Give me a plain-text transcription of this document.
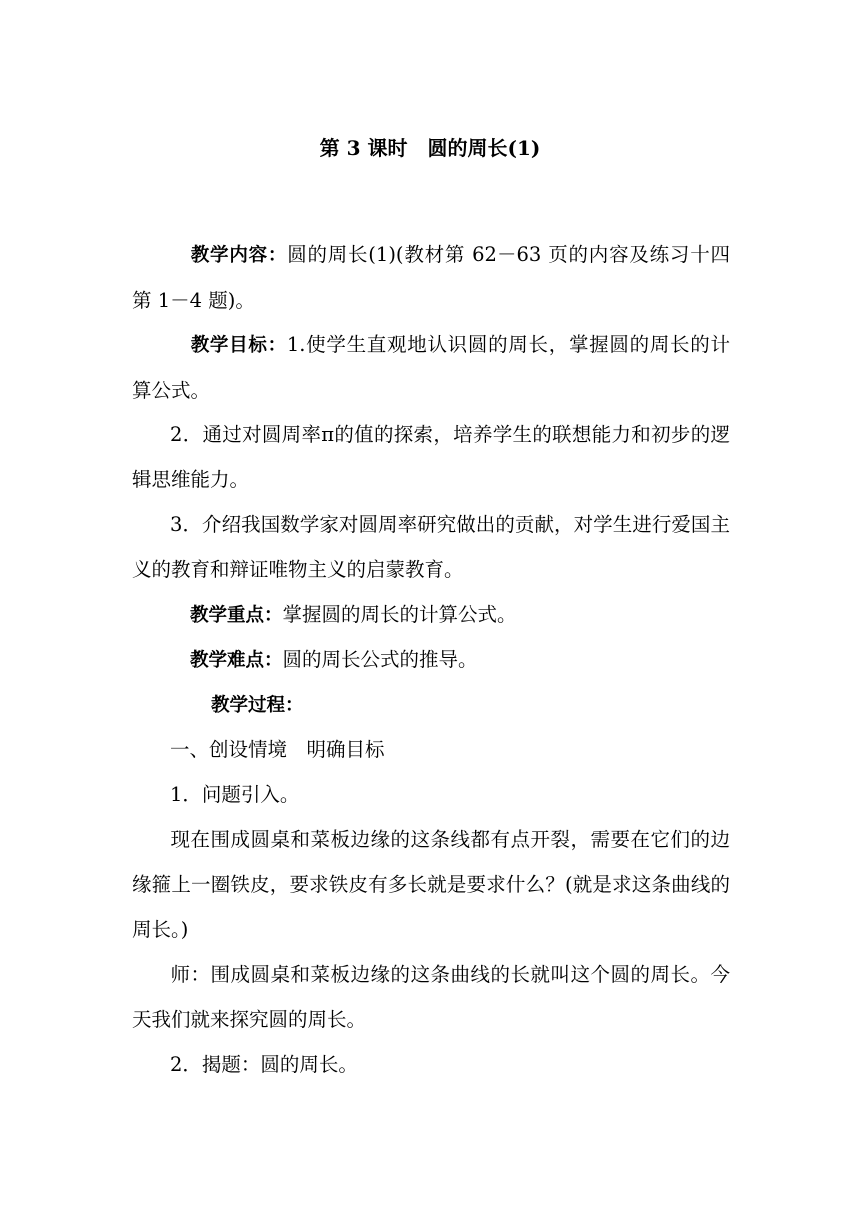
第 3 课时　圆的周长(1)
教学内容：圆的周长(1)(教材第 62－63 页的内容及练习十四第 1－4 题)。
教学目标：1.使学生直观地认识圆的周长，掌握圆的周长的计算公式。
2．通过对圆周率π的值的探索，培养学生的联想能力和初步的逻辑思维能力。
3．介绍我国数学家对圆周率研究做出的贡献，对学生进行爱国主义的教育和辩证唯物主义的启蒙教育。
教学重点：掌握圆的周长的计算公式。
教学难点：圆的周长公式的推导。
教学过程：
一、创设情境　明确目标
1．问题引入。
现在围成圆桌和菜板边缘的这条线都有点开裂，需要在它们的边缘箍上一圈铁皮，要求铁皮有多长就是要求什么？(就是求这条曲线的周长。)
师：围成圆桌和菜板边缘的这条曲线的长就叫这个圆的周长。今天我们就来探究圆的周长。
2．揭题：圆的周长。
